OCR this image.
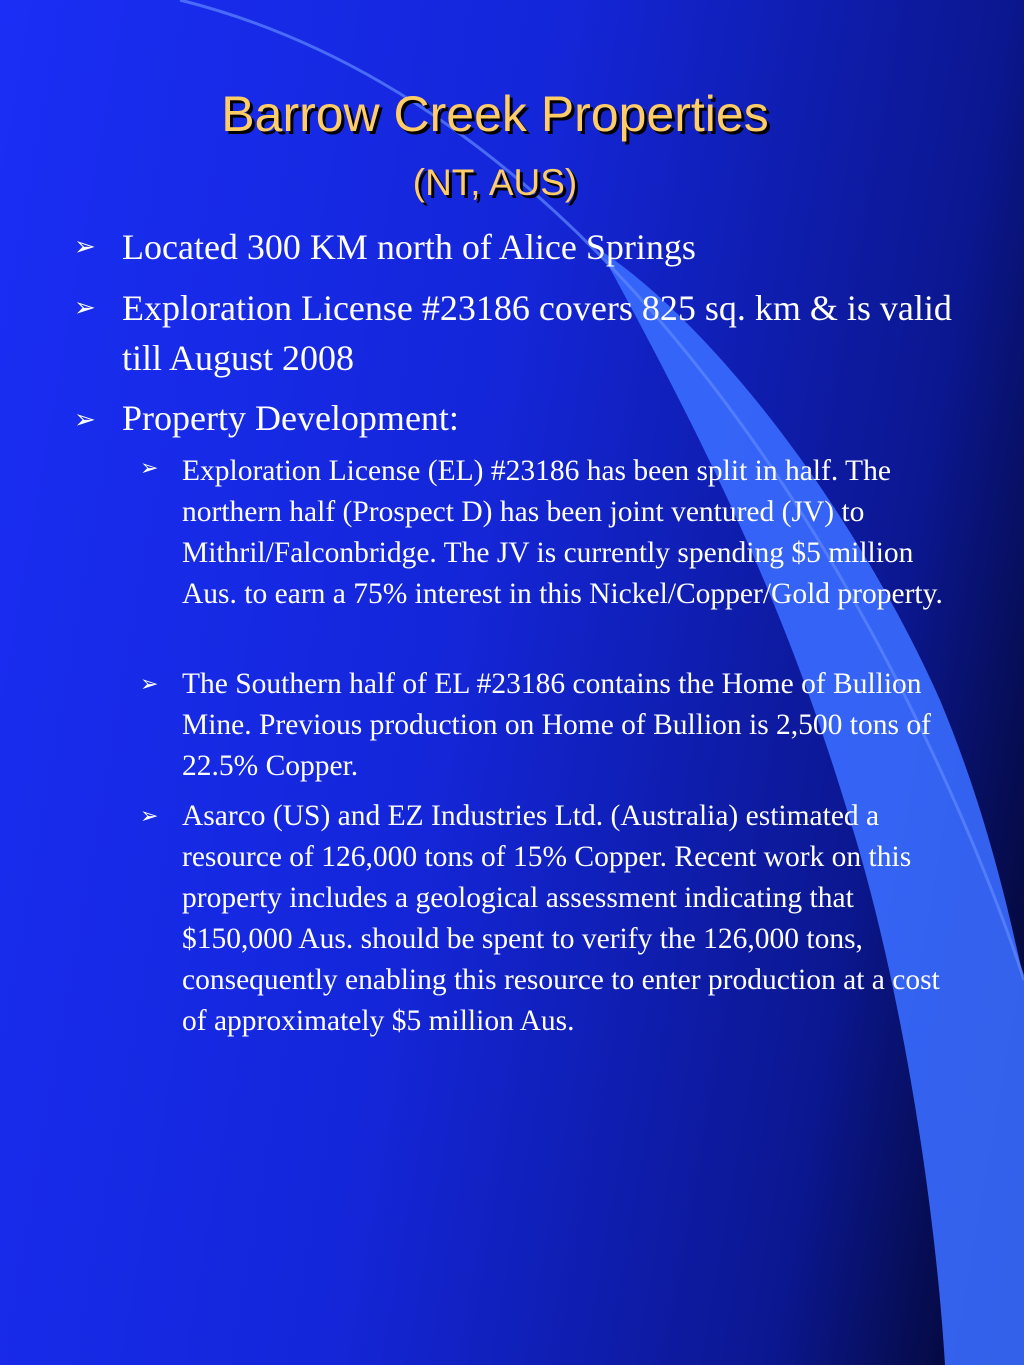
Barrow Creek Properties
(NT, AUS)
➢ Located 300 KM north of Alice Springs
➢ Exploration License #23186 covers 825 sq. km & is valid till August 2008
➢ Property Development:
➢ Exploration License (EL) #23186 has been split in half. The northern half (Prospect D) has been joint ventured (JV) to Mithril/Falconbridge. The JV is currently spending $5 million Aus. to earn a 75% interest in this Nickel/Copper/Gold property.
➢ The Southern half of EL #23186 contains the Home of Bullion Mine. Previous production on Home of Bullion is 2,500 tons of 22.5% Copper.
➢ Asarco (US) and EZ Industries Ltd. (Australia) estimated a resource of 126,000 tons of 15% Copper. Recent work on this property includes a geological assessment indicating that $150,000 Aus. should be spent to verify the 126,000 tons, consequently enabling this resource to enter production at a cost of approximately $5 million Aus.
